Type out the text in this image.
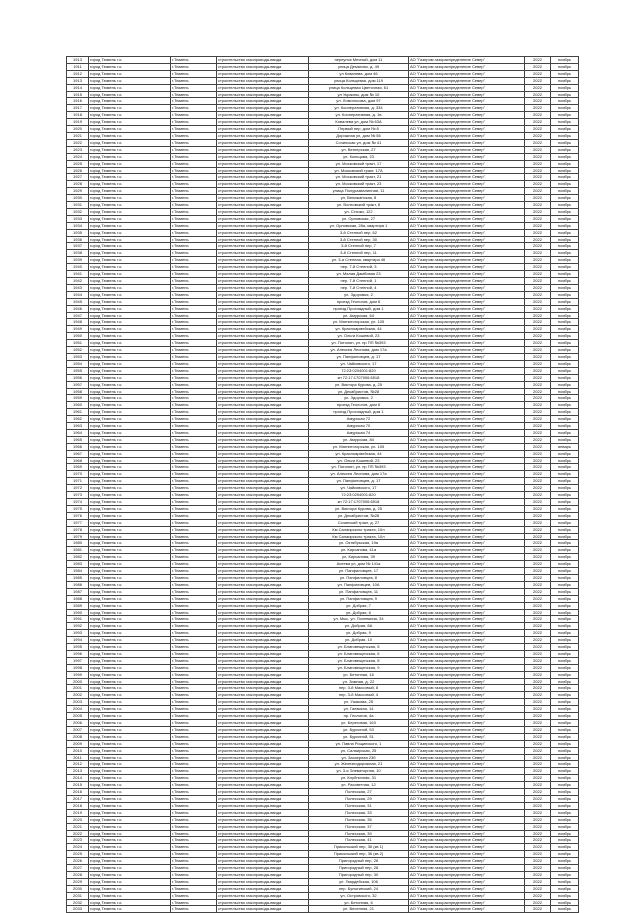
1913	город Тюмень г.о.	г.Тюмень	строительство газопровода-ввода	переулок Мечный, дом 11	АО "Газпром газораспределение Север"	2022	ноябрь
1911	город Тюмень г.о.	г.Тюмень	строительство газопровода-ввода	улица Демягово, д. 49	АО "Газпром газораспределение Север"	2022	ноябрь
1912	город Тюмень г.о.	г.Тюмень	строительство газопровода-ввода	ул Ковалева, дом 46	АО "Газпром газораспределение Север"	2022	ноябрь
1913	город Тюмень г.о.	г.Тюмень	строительство газопровода-ввода	улица Кольцевая, дом 119	АО "Газпром газораспределение Север"	2022	ноябрь
1914	город Тюмень г.о.	г.Тюмень	строительство газопровода-ввода	улица Кольцевая Цветочная, 61	АО "Газпром газораспределение Север"	2022	ноябрь
1915	город Тюмень г.о.	г.Тюмень	строительство газопровода-ввода	ул Украины, дом № 10	АО "Газпром газораспределение Север"	2022	ноябрь
1916	город Тюмень г.о.	г.Тюмень	строительство газопровода-ввода	ул. Ломоносова, дом 97	АО "Газпром газораспределение Север"	2022	ноябрь
1917	город Тюмень г.о.	г.Тюмень	строительство газопровода-ввода	ул. Кооперативная, д. 334	АО "Газпром газораспределение Север"	2022	ноябрь
1918	город Тюмень г.о.	г.Тюмень	строительство газопровода-ввода	ул. Кооперативная, д. 1в	АО "Газпром газораспределение Север"	2022	ноябрь
1919	город Тюмень г.о.	г.Тюмень	строительство газопровода-ввода	Ковалева ул, дом № 63А	АО "Газпром газораспределение Север"	2022	ноябрь
1920	город Тюмень г.о.	г.Тюмень	строительство газопровода-ввода	Первый пер, дом № 8	АО "Газпром газораспределение Север"	2022	ноябрь
1921	город Тюмень г.о.	г.Тюмень	строительство газопровода-ввода	Дорожная ул, дом № 56	АО "Газпром газораспределение Север"	2022	ноябрь
1922	город Тюмень г.о.	г.Тюмень	строительство газопровода-ввода	Сочинская ул, дом № 41	АО "Газпром газораспределение Север"	2022	ноябрь
1923	город Тюмень г.о.	г.Тюмень	строительство газопровода-ввода	ул. Венгерская, 27	АО "Газпром газораспределение Север"	2022	ноябрь
1924	город Тюмень г.о.	г.Тюмень	строительство газопровода-ввода	ул. Кольцова, 23	АО "Газпром газораспределение Север"	2022	ноябрь
1925	город Тюмень г.о.	г.Тюмень	строительство газопровода-ввода	ул. Московский тракт, 17	АО "Газпром газораспределение Север"	2022	ноябрь
1926	город Тюмень г.о.	г.Тюмень	строительство газопровода-ввода	ул. Московский тракт, 17А	АО "Газпром газораспределение Север"	2022	ноябрь
1927	город Тюмень г.о.	г.Тюмень	строительство газопровода-ввода	ул. Московский тракт, 21	АО "Газпром газораспределение Север"	2022	ноябрь
1928	город Тюмень г.о.	г.Тюмень	строительство газопровода-ввода	ул. Московский тракт, 23	АО "Газпром газораспределение Север"	2022	ноябрь
1929	город Тюмень г.о.	г.Тюмень	строительство газопровода-ввода	улица Полуразвалинная, 11	АО "Газпром газораспределение Север"	2022	ноябрь
1930	город Тюмень г.о.	г.Тюмень	строительство газопровода-ввода	ул. Велижанская, 8	АО "Газпром газораспределение Север"	2022	ноябрь
1931	город Тюмень г.о.	г.Тюмень	строительство газопровода-ввода	ул. Волховский тракт, 8	АО "Газпром газораспределение Север"	2022	ноябрь
1932	город Тюмень г.о.	г.Тюмень	строительство газопровода-ввода	ул. Стачки, 122	АО "Газпром газораспределение Север"	2022	ноябрь
1933	город Тюмень г.о.	г.Тюмень	строительство газопровода-ввода	ул. Орловская, 27	АО "Газпром газораспределение Север"	2022	ноябрь
1934	город Тюмень г.о.	г.Тюмень	строительство газопровода-ввода	ул. Орловская, 28а, квартира 1	АО "Газпром газораспределение Север"	2022	ноябрь
1935	город Тюмень г.о.	г.Тюмень	строительство газопровода-ввода	3-й Степной пер, 62	АО "Газпром газораспределение Север"	2022	ноябрь
1936	город Тюмень г.о.	г.Тюмень	строительство газопровода-ввода	3-й Степной пер, 30	АО "Газпром газораспределение Север"	2022	ноябрь
1937	город Тюмень г.о.	г.Тюмень	строительство газопровода-ввода	3-й Степной пер, 7	АО "Газпром газораспределение Север"	2022	ноябрь
1938	город Тюмень г.о.	г.Тюмень	строительство газопровода-ввода	3-й Степной пер, 11	АО "Газпром газораспределение Север"	2022	ноябрь
1939	город Тюмень г.о.	г.Тюмень	строительство газопровода-ввода	ул. 3-я Степная, квартира 46	АО "Газпром газораспределение Север"	2022	ноябрь
1940	город Тюмень г.о.	г.Тюмень	строительство газопровода-ввода	пер. 7-й Степной, 3	АО "Газпром газораспределение Север"	2022	ноябрь
1941	город Тюмень г.о.	г.Тюмень	строительство газопровода-ввода	ул. Малая Дамбовая 23	АО "Газпром газораспределение Север"	2022	ноябрь
1942	город Тюмень г.о.	г.Тюмень	строительство газопровода-ввода	пер. 7-й Степной, 1	АО "Газпром газораспределение Север"	2022	ноябрь
1943	город Тюмень г.о.	г.Тюмень	строительство газопровода-ввода	пер. 7-й Степной, 4	АО "Газпром газораспределение Север"	2022	ноябрь
1944	город Тюмень г.о.	г.Тюмень	строительство газопровода-ввода	ул. Здоровья, 2	АО "Газпром газораспределение Север"	2022	ноябрь
1945	город Тюмень г.о.	г.Тюмень	строительство газопровода-ввода	проезд Геологов, дом 6	АО "Газпром газораспределение Север"	2022	ноябрь
1946	город Тюмень г.о.	г.Тюмень	строительство газопровода-ввода	проезд Прохладный, дом 1	АО "Газпром газораспределение Север"	2022	ноябрь
1947	город Тюмень г.о.	г.Тюмень	строительство газопровода-ввода	ул. Амурская, 64	АО "Газпром газораспределение Север"	2022	ноябрь
1948	город Тюмень г.о.	г.Тюмень	строительство газопровода-ввода	ул. Магнитогорская, ул. 105	АО "Газпром газораспределение Север"	2022	ноябрь
1949	город Тюмень г.о.	г.Тюмень	строительство газопровода-ввода	ул. Красноармейская, 44	АО "Газпром газораспределение Север"	2022	ноябрь
1950	город Тюмень г.о.	г.Тюмень	строительство газопровода-ввода	ул. Ольги Кошевой, 23	АО "Газпром газораспределение Север"	2022	ноябрь
1951	город Тюмень г.о.	г.Тюмень	строительство газопровода-ввода	ул. Потолин, ул. пр ПП №393	АО "Газпром газораспределение Север"	2022	ноябрь
1952	город Тюмень г.о.	г.Тюмень	строительство газопровода-ввода	ул. Алексея Леонова, дом 17а	АО "Газпром газораспределение Север"	2022	ноябрь
1953	город Тюмень г.о.	г.Тюмень	строительство газопровода-ввода	ул. Панфиловцев, д. 17	АО "Газпром газораспределение Север"	2022	ноябрь
1954	город Тюмень г.о.	г.Тюмень	строительство газопровода-ввода	ул. Чайковского, 17	АО "Газпром газораспределение Север"	2022	ноябрь
1955	город Тюмень г.о.	г.Тюмень	строительство газопровода-ввода	72:23:0204001:820	АО "Газпром газораспределение Север"	2022	ноябрь
1956	город Тюмень г.о.	г.Тюмень	строительство газопровода-ввода	кн 72:17:1707006:6518	АО "Газпром газораспределение Север"	2022	ноябрь
1957	город Тюмень г.о.	г.Тюмень	строительство газопровода-ввода	ул. Виктора Курова, д. 25	АО "Газпром газораспределение Север"	2022	ноябрь
1958	город Тюмень г.о.	г.Тюмень	строительство газопровода-ввода	ул. Декабристов, №28	АО "Газпром газораспределение Север"	2022	ноябрь
1959	город Тюмень г.о.	г.Тюмень	строительство газопровода-ввода	ул. Здоровья, 2	АО "Газпром газораспределение Север"	2022	ноябрь
1960	город Тюмень г.о.	г.Тюмень	строительство газопровода-ввода	проезд Геологов, дом 6	АО "Газпром газораспределение Север"	2022	ноябрь
1961	город Тюмень г.о.	г.Тюмень	строительство газопровода-ввода	проезд Прохладный, дом 1	АО "Газпром газораспределение Север"	2022	ноябрь
1962	город Тюмень г.о.	г.Тюмень	строительство газопровода-ввода	Амурская 72	АО "Газпром газораспределение Север"	2022	ноябрь
1963	город Тюмень г.о.	г.Тюмень	строительство газопровода-ввода	Амурская 70	АО "Газпром газораспределение Север"	2022	ноябрь
1964	город Тюмень г.о.	г.Тюмень	строительство газопровода-ввода	Амурская 74	АО "Газпром газораспределение Север"	2022	ноябрь
1965	город Тюмень г.о.	г.Тюмень	строительство газопровода-ввода	ул. Амурская, 84	АО "Газпром газораспределение Север"	2022	ноябрь
1966	город Тюмень г.о.	г.Тюмень	строительство газопровода-ввода	ул. Магнитогорская, ул. 105	АО "Газпром газораспределение Север"	2022	январь
1967	город Тюмень г.о.	г.Тюмень	строительство газопровода-ввода	ул. Красноармейская, 44	АО "Газпром газораспределение Север"	2022	ноябрь
1968	город Тюмень г.о.	г.Тюмень	строительство газопровода-ввода	ул. Ольги Кошевой, 23	АО "Газпром газораспределение Север"	2022	ноябрь
1969	город Тюмень г.о.	г.Тюмень	строительство газопровода-ввода	ул. Потолин, ул. пр ПП №393	АО "Газпром газораспределение Север"	2022	ноябрь
1970	город Тюмень г.о.	г.Тюмень	строительство газопровода-ввода	ул. Алексея Леонова, дом 17а	АО "Газпром газораспределение Север"	2022	ноябрь
1971	город Тюмень г.о.	г.Тюмень	строительство газопровода-ввода	ул. Панфиловцев, д. 17	АО "Газпром газораспределение Север"	2022	ноябрь
1972	город Тюмень г.о.	г.Тюмень	строительство газопровода-ввода	ул. Чайковского, 17	АО "Газпром газораспределение Север"	2022	ноябрь
1973	город Тюмень г.о.	г.Тюмень	строительство газопровода-ввода	72:23:0204001:820	АО "Газпром газораспределение Север"	2022	ноябрь
1974	город Тюмень г.о.	г.Тюмень	строительство газопровода-ввода	кн 72:17:1707006:6518	АО "Газпром газораспределение Север"	2022	ноябрь
1975	город Тюмень г.о.	г.Тюмень	строительство газопровода-ввода	ул. Виктора Курова, д. 25	АО "Газпром газораспределение Север"	2022	ноябрь
1976	город Тюмень г.о.	г.Тюмень	строительство газопровода-ввода	ул. Декабристов, №28	АО "Газпром газораспределение Север"	2022	ноябрь
1977	город Тюмень г.о.	г.Тюмень	строительство газопровода-ввода	Сочинский тракт, д. 27	АО "Газпром газораспределение Север"	2022	ноябрь
1978	город Тюмень г.о.	г.Тюмень	строительство газопровода-ввода	Км Салаирского тракта, 10л	АО "Газпром газораспределение Север"	2022	ноябрь
1979	город Тюмень г.о.	г.Тюмень	строительство газопровода-ввода	Км Салаирского тракта, 10л	АО "Газпром газораспределение Север"	2022	ноябрь
1980	город Тюмень г.о.	г.Тюмень	строительство газопровода-ввода	ул. Октябрьская, 19а	АО "Газпром газораспределение Север"	2022	ноябрь
1981	город Тюмень г.о.	г.Тюмень	строительство газопровода-ввода	ул. Кирсанова, 41а	АО "Газпром газораспределение Север"	2022	ноябрь
1982	город Тюмень г.о.	г.Тюмень	строительство газопровода-ввода	ул. Кирсанова, 39	АО "Газпром газораспределение Север"	2022	ноябрь
1983	город Тюмень г.о.	г.Тюмень	строительство газопровода-ввода	Асеева ул, дом № 141а	АО "Газпром газораспределение Север"	2022	ноябрь
1984	город Тюмень г.о.	г.Тюмень	строительство газопровода-ввода	ул. Панфиловцев, 17	АО "Газпром газораспределение Север"	2022	ноябрь
1985	город Тюмень г.о.	г.Тюмень	строительство газопровода-ввода	ул. Панфиловцев, 8	АО "Газпром газораспределение Север"	2022	ноябрь
1986	город Тюмень г.о.	г.Тюмень	строительство газопровода-ввода	ул. Панфиловцев, 10А	АО "Газпром газораспределение Север"	2022	ноябрь
1987	город Тюмень г.о.	г.Тюмень	строительство газопровода-ввода	ул. Панфиловцев, 11	АО "Газпром газораспределение Север"	2022	ноябрь
1988	город Тюмень г.о.	г.Тюмень	строительство газопровода-ввода	ул. Панфиловцев, 9	АО "Газпром газораспределение Север"	2022	ноябрь
1989	город Тюмень г.о.	г.Тюмень	строительство газопровода-ввода	ул. Добрая, 7	АО "Газпром газораспределение Север"	2022	ноябрь
1990	город Тюмень г.о.	г.Тюмень	строительство газопровода-ввода	ул. Добрая, 6	АО "Газпром газораспределение Север"	2022	ноябрь
1991	город Тюмень г.о.	г.Тюмень	строительство газопровода-ввода	ул. Мыс, ул. Полевкина, 34	АО "Газпром газораспределение Север"	2022	ноябрь
1992	город Тюмень г.о.	г.Тюмень	строительство газопровода-ввода	ул. Добрая, 8А	АО "Газпром газораспределение Север"	2022	ноябрь
1993	город Тюмень г.о.	г.Тюмень	строительство газопровода-ввода	ул. Добрая, 9	АО "Газпром газораспределение Север"	2022	ноябрь
1994	город Тюмень г.о.	г.Тюмень	строительство газопровода-ввода	ул. Добрая, 10	АО "Газпром газораспределение Север"	2022	ноябрь
1995	город Тюмень г.о.	г.Тюмень	строительство газопровода-ввода	ул. Благовещенская, 5	АО "Газпром газораспределение Север"	2022	ноябрь
1996	город Тюмень г.о.	г.Тюмень	строительство газопровода-ввода	ул. Благовещенская, 6	АО "Газпром газораспределение Север"	2022	ноябрь
1997	город Тюмень г.о.	г.Тюмень	строительство газопровода-ввода	ул. Благовещенская, 8	АО "Газпром газораспределение Север"	2022	ноябрь
1998	город Тюмень г.о.	г.Тюмень	строительство газопровода-ввода	ул. Благовещенская, 9	АО "Газпром газораспределение Север"	2022	ноябрь
1999	город Тюмень г.о.	г.Тюмень	строительство газопровода-ввода	ул. Бетонная, 16	АО "Газпром газораспределение Север"	2022	ноябрь
2000	город Тюмень г.о.	г.Тюмень	строительство газопровода-ввода	ул. Зимняя, д. 22	АО "Газпром газораспределение Север"	2022	ноябрь
2001	город Тюмень г.о.	г.Тюмень	строительство газопровода-ввода	пер. 3-й Массовый, 8	АО "Газпром газораспределение Север"	2022	ноябрь
2002	город Тюмень г.о.	г.Тюмень	строительство газопровода-ввода	пер. 3-й Массовый, 4	АО "Газпром газораспределение Север"	2022	ноябрь
2003	город Тюмень г.о.	г.Тюмень	строительство газопровода-ввода	ул. Ушакова, 25	АО "Газпром газораспределение Север"	2022	ноябрь
2004	город Тюмень г.о.	г.Тюмень	строительство газопровода-ввода	ул. Гаевская, 14	АО "Газпром газораспределение Север"	2022	ноябрь
2005	город Тюмень г.о.	г.Тюмень	строительство газопровода-ввода	пр. Геологов, 4а	АО "Газпром газораспределение Север"	2022	ноябрь
2006	город Тюмень г.о.	г.Тюмень	строительство газопровода-ввода	ул. Береговая, 163	АО "Газпром газораспределение Север"	2022	ноябрь
2007	город Тюмень г.о.	г.Тюмень	строительство газопровода-ввода	ул. Бурсиной, 53	АО "Газпром газораспределение Север"	2022	ноябрь
2008	город Тюмень г.о.	г.Тюмень	строительство газопровода-ввода	ул. Бурсиной, 51	АО "Газпром газораспределение Север"	2022	ноябрь
2009	город Тюмень г.о.	г.Тюмень	строительство газопровода-ввода	ул. Павла Рощинского, 1	АО "Газпром газораспределение Север"	2022	ноябрь
2010	город Тюмень г.о.	г.Тюмень	строительство газопровода-ввода	ул. Салаирская, 25	АО "Газпром газораспределение Север"	2022	ноябрь
2011	город Тюмень г.о.	г.Тюмень	строительство газопровода-ввода	ул. Заозерная 23б	АО "Газпром газораспределение Север"	2022	ноябрь
2012	город Тюмень г.о.	г.Тюмень	строительство газопровода-ввода	ул. Железнодорожная, 21	АО "Газпром газораспределение Север"	2022	ноябрь
2013	город Тюмень г.о.	г.Тюмень	строительство газопровода-ввода	ул. 3-я Элеваторная, 10	АО "Газпром газораспределение Север"	2022	ноябрь
2014	город Тюмень г.о.	г.Тюмень	строительство газопровода-ввода	ул. Клубничная, 31	АО "Газпром газораспределение Север"	2022	ноябрь
2015	город Тюмень г.о.	г.Тюмень	строительство газопровода-ввода	ул. Рассветная, 12	АО "Газпром газораспределение Север"	2022	ноябрь
2016	город Тюмень г.о.	г.Тюмень	строительство газопровода-ввода	Полесская, 27	АО "Газпром газораспределение Север"	2022	ноябрь
2017	город Тюмень г.о.	г.Тюмень	строительство газопровода-ввода	Полесская, 29	АО "Газпром газораспределение Север"	2022	ноябрь
2018	город Тюмень г.о.	г.Тюмень	строительство газопровода-ввода	Полесская, 31	АО "Газпром газораспределение Север"	2022	ноябрь
2019	город Тюмень г.о.	г.Тюмень	строительство газопровода-ввода	Полесская, 33	АО "Газпром газораспределение Север"	2022	ноябрь
2020	город Тюмень г.о.	г.Тюмень	строительство газопровода-ввода	Полесская, 35	АО "Газпром газораспределение Север"	2022	ноябрь
2021	город Тюмень г.о.	г.Тюмень	строительство газопровода-ввода	Полесская, 37	АО "Газпром газораспределение Север"	2022	ноябрь
2022	город Тюмень г.о.	г.Тюмень	строительство газопровода-ввода	Полесская, 39	АО "Газпром газораспределение Север"	2022	ноябрь
2023	город Тюмень г.о.	г.Тюмень	строительство газопровода-ввода	Полесская, 41	АО "Газпром газораспределение Север"	2022	ноябрь
2024	город Тюмень г.о.	г.Тюмень	строительство газопровода-ввода	Прикольский пер, 36 (кв 1)	АО "Газпром газораспределение Север"	2022	ноябрь
2025	город Тюмень г.о.	г.Тюмень	строительство газопровода-ввода	Прикольский пер, 36 (кв 2)	АО "Газпром газораспределение Север"	2022	ноябрь
2026	город Тюмень г.о.	г.Тюмень	строительство газопровода-ввода	Пригородный пер, 26	АО "Газпром газораспределение Север"	2022	ноябрь
2027	город Тюмень г.о.	г.Тюмень	строительство газопровода-ввода	Пригородный пер, 28	АО "Газпром газораспределение Север"	2022	ноябрь
2028	город Тюмень г.о.	г.Тюмень	строительство газопровода-ввода	Пригородный пер, 30	АО "Газпром газораспределение Север"	2022	ноябрь
2029	город Тюмень г.о.	г.Тюмень	строительство газопровода-ввода	ул. Гвардейская, 106	АО "Газпром газораспределение Север"	2022	ноябрь
2030	город Тюмень г.о.	г.Тюмень	строительство газопровода-ввода	пер. Булыгинский, 24	АО "Газпром газораспределение Север"	2022	ноябрь
2031	город Тюмень г.о.	г.Тюмень	строительство газопровода-ввода	ул. Островского, 32	АО "Газпром газораспределение Север"	2022	ноябрь
2032	город Тюмень г.о.	г.Тюмень	строительство газопровода-ввода	ул. Бетонная, 6	АО "Газпром газораспределение Север"	2022	ноябрь
2033	город Тюмень г.о.	г.Тюмень	строительство газопровода-ввода	ул. Весенняя, 21	АО "Газпром газораспределение Север"	2022	ноябрь
